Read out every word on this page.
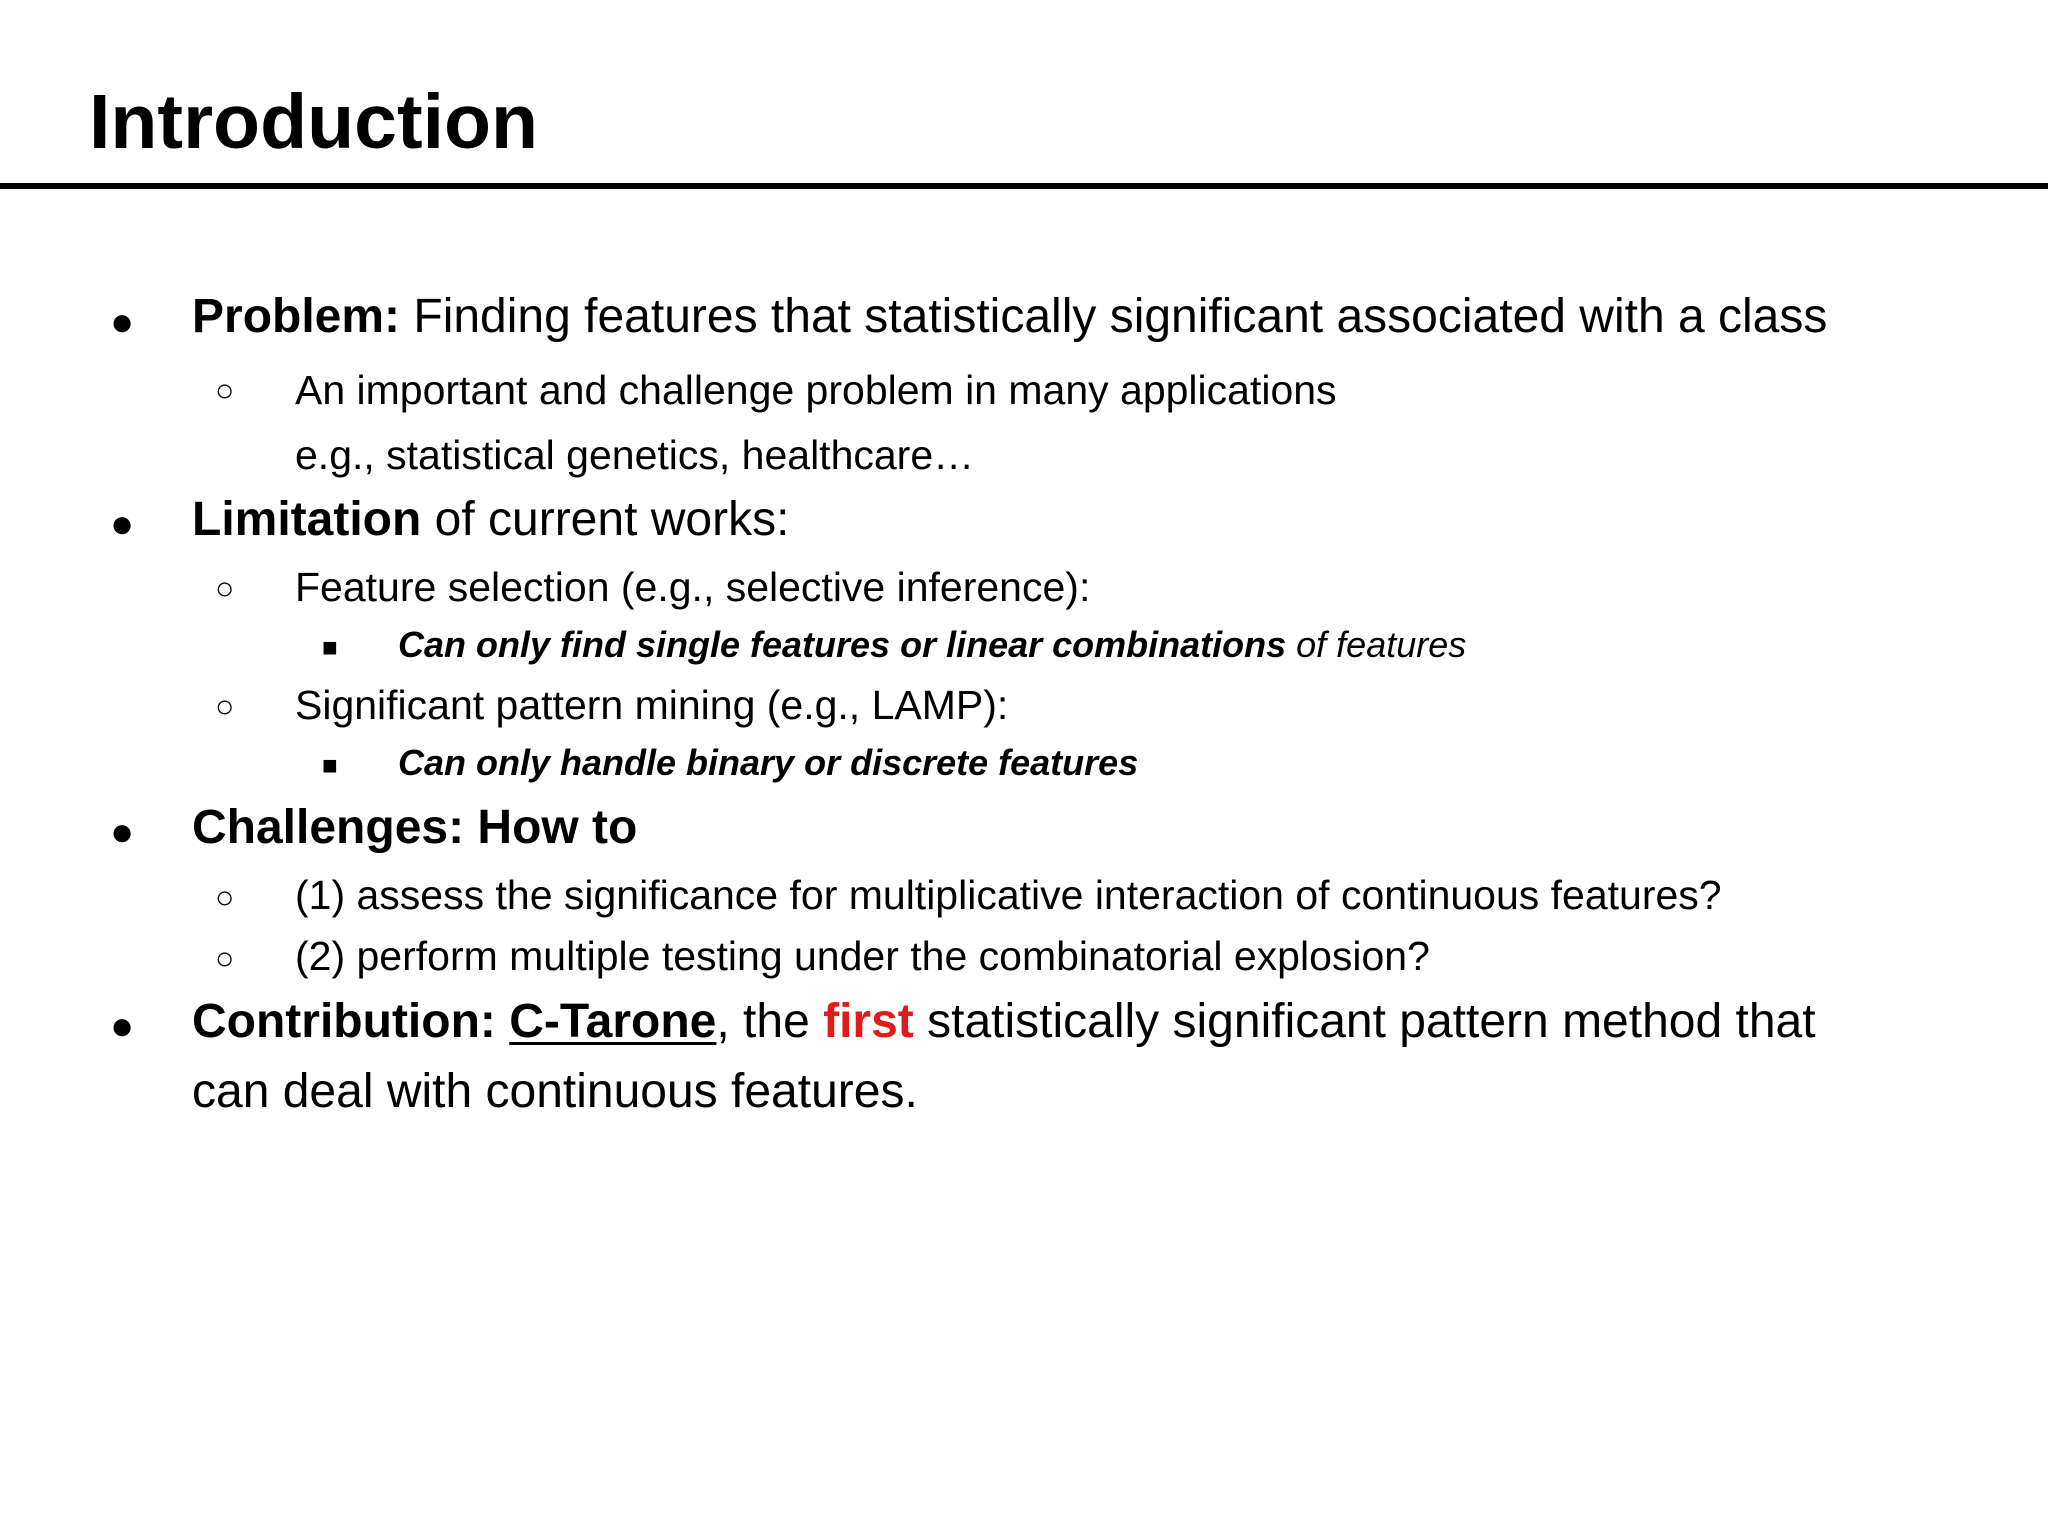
Introduction
● Problem: Finding features that statistically significant associated with a class
○ An important and challenge problem in many applications
e.g., statistical genetics, healthcare…
● Limitation of current works:
○ Feature selection (e.g., selective inference):
■ Can only find single features or linear combinations of features
○ Significant pattern mining (e.g., LAMP):
■ Can only handle binary or discrete features
● Challenges: How to
○ (1) assess the significance for multiplicative interaction of continuous features?
○ (2) perform multiple testing under the combinatorial explosion?
● Contribution: C-Tarone, the first statistically significant pattern method that
can deal with continuous features.
